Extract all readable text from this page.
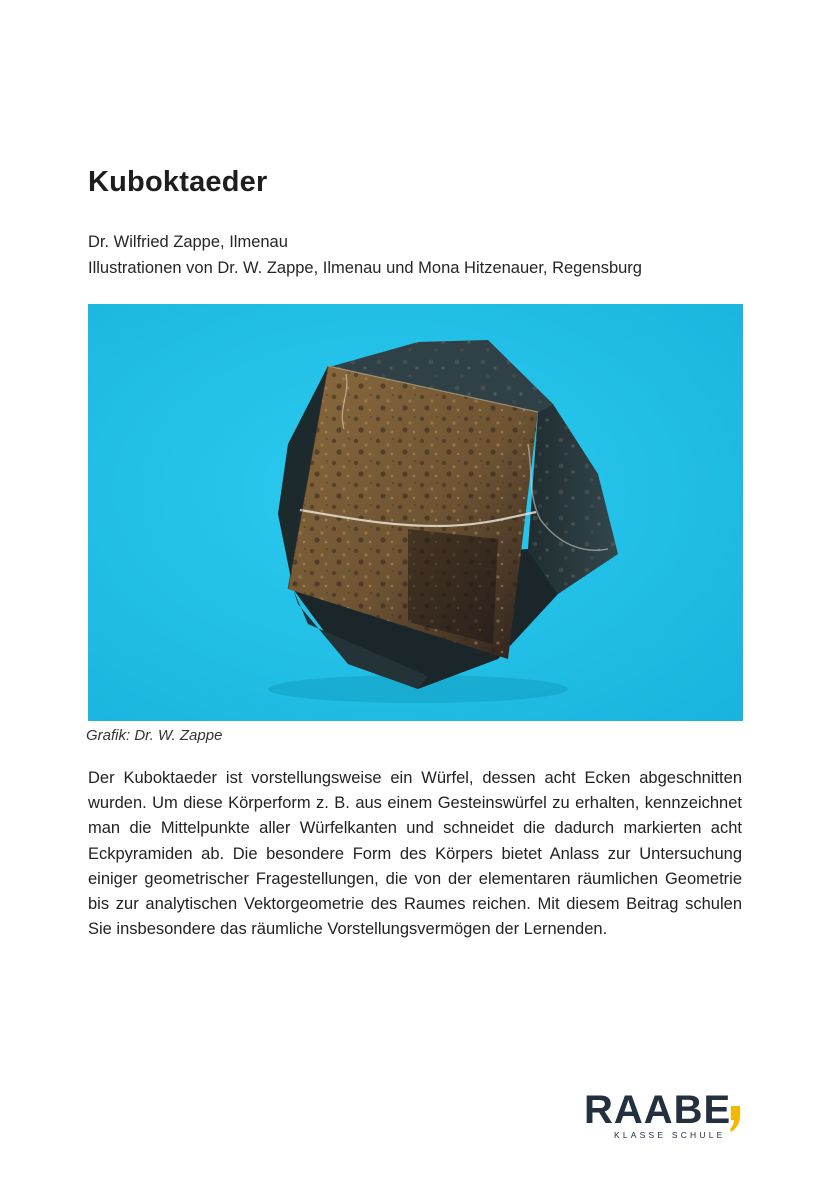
Kuboktaeder
Dr. Wilfried Zappe, Ilmenau
Illustrationen von Dr. W. Zappe, Ilmenau und Mona Hitzenauer, Regensburg
Grafik: Dr. W. Zappe
Der Kuboktaeder ist vorstellungsweise ein Würfel, dessen acht Ecken abgeschnitten wurden. Um diese Körperform z. B. aus einem Gesteinswürfel zu erhalten, kennzeichnet man die Mittelpunkte aller Würfelkanten und schneidet die dadurch markierten acht Eckpyramiden ab. Die besondere Form des Körpers bietet Anlass zur Untersuchung einiger geometrischer Fragestellungen, die von der elementaren räumlichen Geometrie bis zur analytischen Vektorgeometrie des Raumes reichen. Mit diesem Beitrag schulen Sie insbesondere das räumliche Vorstellungsvermögen der Lernenden.
RAABE
KLASSE SCHULE
